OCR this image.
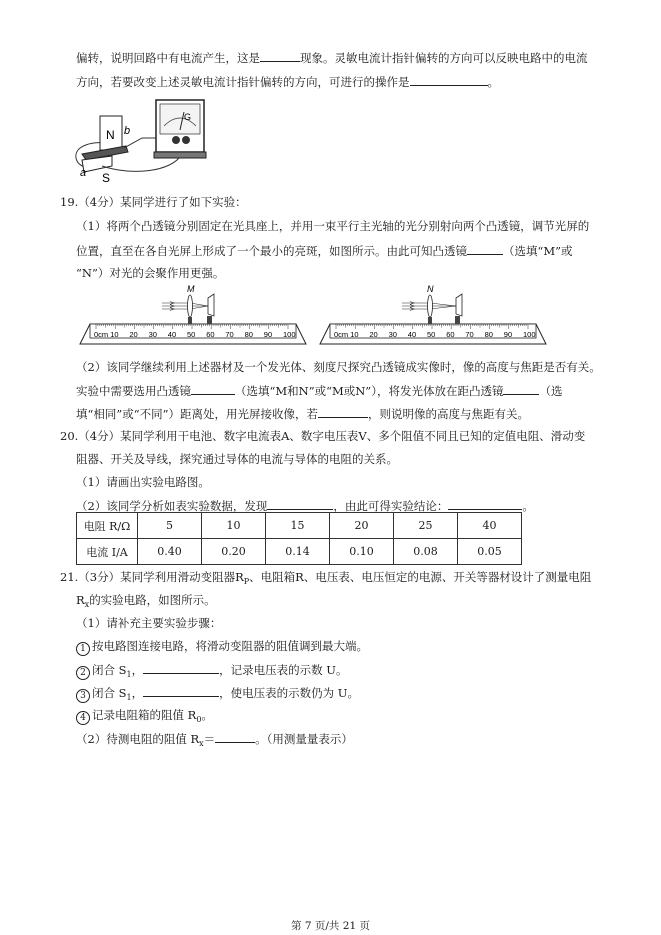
偏转，说明回路中有电流产生，这是	现象。灵敏电流计指针偏转的方向可以反映电路中的电流
方向，若要改变上述灵敏电流计指针偏转的方向，可进行的操作是	。
N
S
a
b
G
19.（4分）某同学进行了如下实验：
（1）将两个凸透镜分别固定在光具座上，并用一束平行主光轴的光分别射向两个凸透镜，调节光屏的
位置，直至在各自光屏上形成了一个最小的亮斑，如图所示。由此可知凸透镜	（选填“M”或
“N”）对光的会聚作用更强。
0cm 10 20 30 40 50 60 70 80 90 100
M
0cm 10 20 30 40 50 60 70 80 90 100
N
（2）该同学继续利用上述器材及一个发光体、刻度尺探究凸透镜成实像时，像的高度与焦距是否有关。
实验中需要选用凸透镜	（选填“M和N”或“M或N”），将发光体放在距凸透镜	（选
填“相同”或“不同”）距离处，用光屏接收像，若	，则说明像的高度与焦距有关。
20.（4分）某同学利用干电池、数字电流表A、数字电压表V、多个阻值不同且已知的定值电阻、滑动变
阻器、开关及导线，探究通过导体的电流与导体的电阻的关系。
（1）请画出实验电路图。
（2）该同学分析如表实验数据，发现	，由此可得实验结论：	。
电阻 R/Ω	5	10	15	20	25	40
电流 I/A	0.40	0.20	0.14	0.10	0.08	0.05
21.（3分）某同学利用滑动变阻器$R_P$、电阻箱R、电压表、电压恒定的电源、开关等器材设计了测量电阻
$R_x$的实验电路，如图所示。
（1）请补充主要实验步骤：
1 按电路图连接电路，将滑动变阻器的阻值调到最大端。
2 闭合 $S_1$，	，记录电压表的示数 U。
3 闭合 $S_1$，	，使电压表的示数仍为 U。
4 记录电阻箱的阻值 $R_0$。
（2）待测电阻的阻值 $R_x=$	。（用测量量表示）
第 7 页/共 21 页
